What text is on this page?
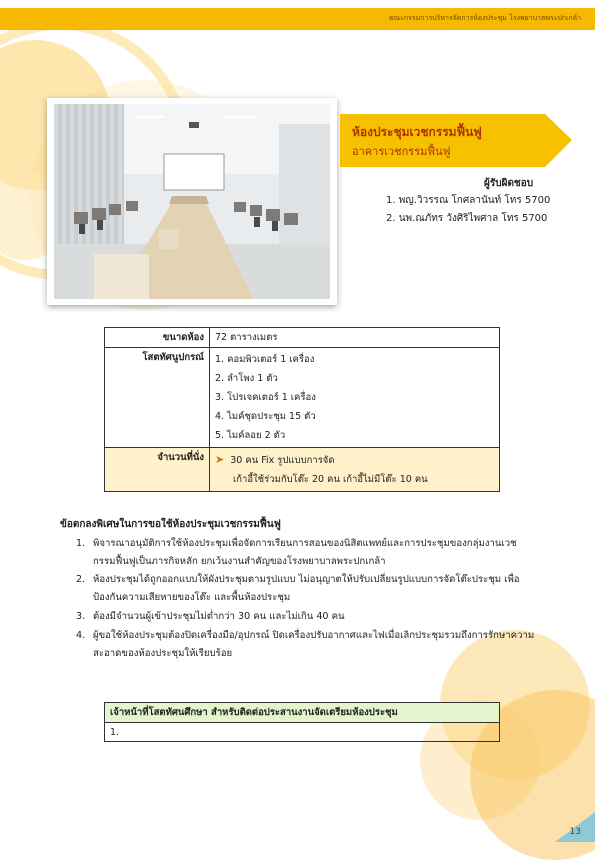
คณะกรรมการบริหารจัดการห้องประชุม โรงพยาบาลพระปกเกล้า
ห้องประชุมเวชกรรมฟื้นฟู
อาคารเวชกรรมฟื้นฟู
ผู้รับผิดชอบ
1. พญ.วิวรรณ โกศลานันท์ โทร 5700
2. นพ.ณภัทร วังศิริไพศาล โทร 5700
ขนาดห้อง	72 ตารางเมตร
โสตทัศนูปกรณ์	1. คอมพิวเตอร์ 1 เครื่อง
2. ลำโพง 1 ตัว
3. โปรเจคเตอร์ 1 เครื่อง
4. ไมค์ชุดประชุม 15 ตัว
5. ไมค์ลอย 2 ตัว

จำนวนที่นั่ง	➤ 30 คน Fix รูปแบบการจัด
เก้าอี้ใช้ร่วมกับโต๊ะ 20 คน เก้าอี้ไม่มีโต๊ะ 10 คน
ข้อตกลงพิเศษในการขอใช้ห้องประชุมเวชกรรมฟื้นฟู
1. พิจารณาอนุมัติการใช้ห้องประชุมเพื่อจัดการเรียนการสอนของนิสิตแพทย์และการประชุมของกลุ่มงานเวช
กรรมฟื้นฟูเป็นภารกิจหลัก ยกเว้นงานสำคัญของโรงพยาบาลพระปกเกล้า
2. ห้องประชุมได้ถูกออกแบบให้ผังประชุมตามรูปแบบ ไม่อนุญาตให้ปรับเปลี่ยนรูปแบบการจัดโต๊ะประชุม เพื่อ
ป้องกันความเสียหายของโต๊ะ และพื้นห้องประชุม
3. ต้องมีจำนวนผู้เข้าประชุมไม่ต่ำกว่า 30 คน และไม่เกิน 40 คน
4. ผู้ขอใช้ห้องประชุมต้องปิดเครื่องมือ/อุปกรณ์ ปิดเครื่องปรับอากาศและไฟเมื่อเลิกประชุมรวมถึงการรักษาความ
สะอาดของห้องประชุมให้เรียบร้อย
เจ้าหน้าที่โสตทัศนศึกษา สำหรับติดต่อประสานงานจัดเตรียมห้องประชุม
1.
13
